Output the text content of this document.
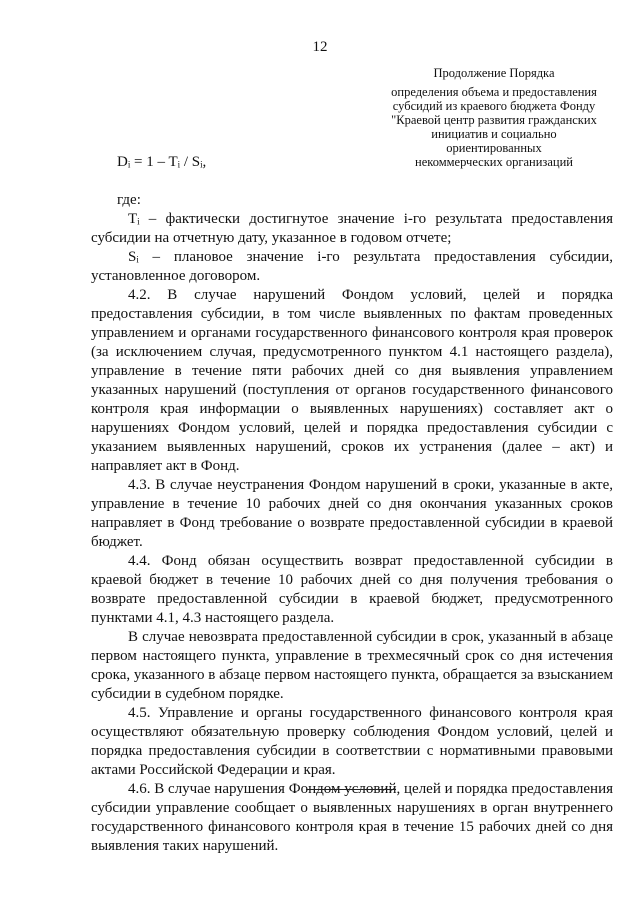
12
Продолжение Порядка
определения объема и предоставления
субсидий из краевого бюджета Фонду
"Краевой центр развития гражданских
инициатив и социально ориентированных
некоммерческих организаций

Dᵢ = 1 – Tᵢ / Sᵢ,

где:

Tᵢ – фактически достигнутое значение i-го результата предоставления субсидии на отчетную дату, указанное в годовом отчете;

Sᵢ – плановое значение i-го результата предоставления субсидии, установленное договором.

4.2. В случае нарушений Фондом условий, целей и порядка предоставления субсидии, в том числе выявленных по фактам проведенных управлением и органами государственного финансового контроля края проверок (за исключением случая, предусмотренного пунктом 4.1 настоящего раздела), управление в течение пяти рабочих дней со дня выявления управлением указанных нарушений (поступления от органов государственного финансового контроля края информации о выявленных нарушениях) составляет акт о нарушениях Фондом условий, целей и порядка предоставления субсидии с указанием выявленных нарушений, сроков их устранения (далее – акт) и направляет акт в Фонд.

4.3. В случае неустранения Фондом нарушений в сроки, указанные в акте, управление в течение 10 рабочих дней со дня окончания указанных сроков направляет в Фонд требование о возврате предоставленной субсидии в краевой бюджет.

4.4. Фонд обязан осуществить возврат предоставленной субсидии в краевой бюджет в течение 10 рабочих дней со дня получения требования о возврате предоставленной субсидии в краевой бюджет, предусмотренного пунктами 4.1, 4.3 настоящего раздела.

В случае невозврата предоставленной субсидии в срок, указанный в абзаце первом настоящего пункта, управление в трехмесячный срок со дня истечения срока, указанного в абзаце первом настоящего пункта, обращается за взысканием субсидии в судебном порядке.

4.5. Управление и органы государственного финансового контроля края осуществляют обязательную проверку соблюдения Фондом условий, целей и порядка предоставления субсидии в соответствии с нормативными правовыми актами Российской Федерации и края.

4.6. В случае нарушения Фондом условий, целей и порядка предоставления субсидии управление сообщает о выявленных нарушениях в орган внутреннего государственного финансового контроля края в течение 15 рабочих дней со дня выявления таких нарушений.
